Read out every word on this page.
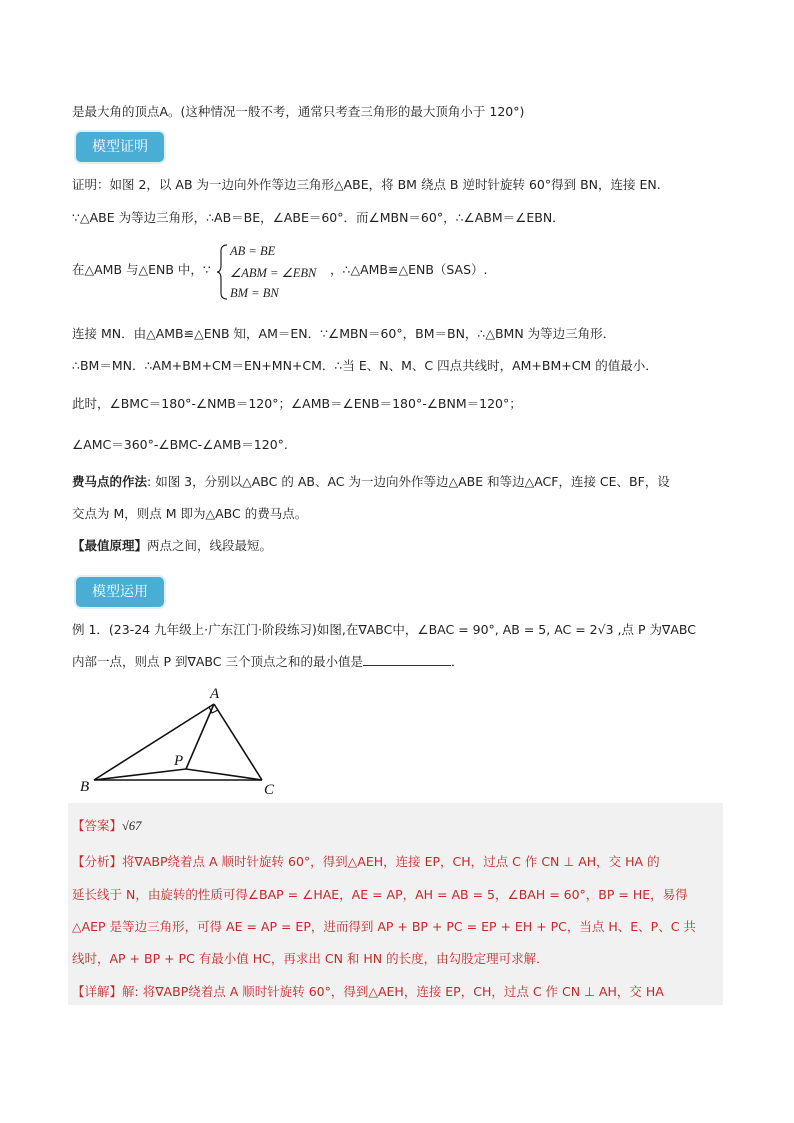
是最大角的顶点A。(这种情况一般不考，通常只考查三角形的最大顶角小于 120°)
模型证明
证明：如图 2，以 AB 为一边向外作等边三角形△ABE，将 BM 绕点 B 逆时针旋转 60°得到 BN，连接 EN.
∵△ABE 为等边三角形，∴AB＝BE，∠ABE＝60°．而∠MBN＝60°，∴∠ABM＝∠EBN．
在△AMB 与△ENB 中，∵
AB = BE
∠ABM = ∠EBN
BM = BN
，∴△AMB≌△ENB（SAS）.
连接 MN．由△AMB≌△ENB 知，AM＝EN．∵∠MBN＝60°，BM＝BN，∴△BMN 为等边三角形．
∴BM＝MN．∴AM+BM+CM＝EN+MN+CM．∴当 E、N、M、C 四点共线时，AM+BM+CM 的值最小．
此时，∠BMC＝180°-∠NMB＝120°；∠AMB＝∠ENB＝180°-∠BNM＝120°；
∠AMC＝360°-∠BMC-∠AMB＝120°.
费马点的作法: 如图 3，分别以△ABC 的 AB、AC 为一边向外作等边△ABE 和等边△ACF，连接 CE、BF，设
交点为 M，则点 M 即为△ABC 的费马点。
【最值原理】两点之间，线段最短。
模型运用
例 1．(23-24 九年级上·广东江门·阶段练习)如图,在∇ABC中，∠BAC = 90°, AB = 5, AC = 2√3 ,点 P 为∇ABC
内部一点，则点 P 到∇ABC 三个顶点之和的最小值是	．
A
B	C
P
【答案】√67
【分析】将∇ABP绕着点 A 顺时针旋转 60°，得到△AEH，连接 EP，CH，过点 C 作 CN ⊥ AH，交 HA 的
延长线于 N，由旋转的性质可得∠BAP = ∠HAE，AE = AP，AH = AB = 5，∠BAH = 60°，BP = HE，易得
△AEP 是等边三角形，可得 AE = AP = EP，进而得到 AP + BP + PC = EP + EH + PC，当点 H、E、P、C 共
线时，AP + BP + PC 有最小值 HC，再求出 CN 和 HN 的长度，由勾股定理可求解．
【详解】解: 将∇ABP绕着点 A 顺时针旋转 60°，得到△AEH，连接 EP，CH，过点 C 作 CN ⊥ AH，交 HA
